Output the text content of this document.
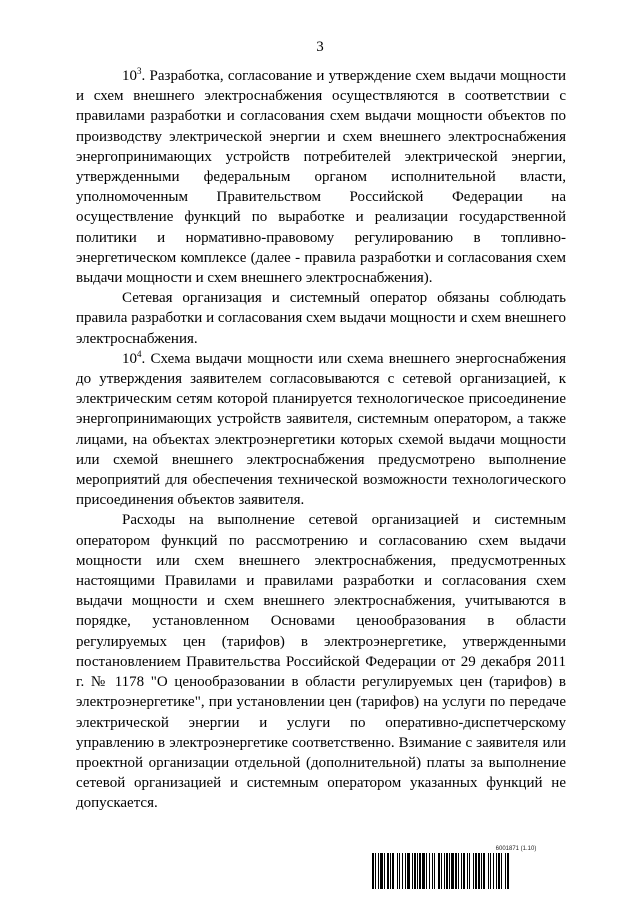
3

$10^3$. Разработка, согласование и утверждение схем выдачи мощности и схем внешнего электроснабжения осуществляются в соответствии с правилами разработки и согласования схем выдачи мощности объектов по производству электрической энергии и схем внешнего электроснабжения энергопринимающих устройств потребителей электрической энергии, утвержденными федеральным органом исполнительной власти, уполномоченным Правительством Российской Федерации на осуществление функций по выработке и реализации государственной политики и нормативно-правовому регулированию в топливно-энергетическом комплексе (далее - правила разработки и согласования схем выдачи мощности и схем внешнего электроснабжения).

Сетевая организация и системный оператор обязаны соблюдать правила разработки и согласования схем выдачи мощности и схем внешнего электроснабжения.

$10^4$. Схема выдачи мощности или схема внешнего энергоснабжения до утверждения заявителем согласовываются с сетевой организацией, к электрическим сетям которой планируется технологическое присоединение энергопринимающих устройств заявителя, системным оператором, а также лицами, на объектах электроэнергетики которых схемой выдачи мощности или схемой внешнего электроснабжения предусмотрено выполнение мероприятий для обеспечения технической возможности технологического присоединения объектов заявителя.

Расходы на выполнение сетевой организацией и системным оператором функций по рассмотрению и согласованию схем выдачи мощности или схем внешнего электроснабжения, предусмотренных настоящими Правилами и правилами разработки и согласования схем выдачи мощности и схем внешнего электроснабжения, учитываются в порядке, установленном Основами ценообразования в области регулируемых цен (тарифов) в электроэнергетике, утвержденными постановлением Правительства Российской Федерации от 29 декабря 2011 г. № 1178 "О ценообразовании в области регулируемых цен (тарифов) в электроэнергетике", при установлении цен (тарифов) на услуги по передаче электрической энергии и услуги по оперативно-диспетчерскому управлению в электроэнергетике соответственно. Взимание с заявителя или проектной организации отдельной (дополнительной) платы за выполнение сетевой организацией и системным оператором указанных функций не допускается.

6001871 (1.10)
